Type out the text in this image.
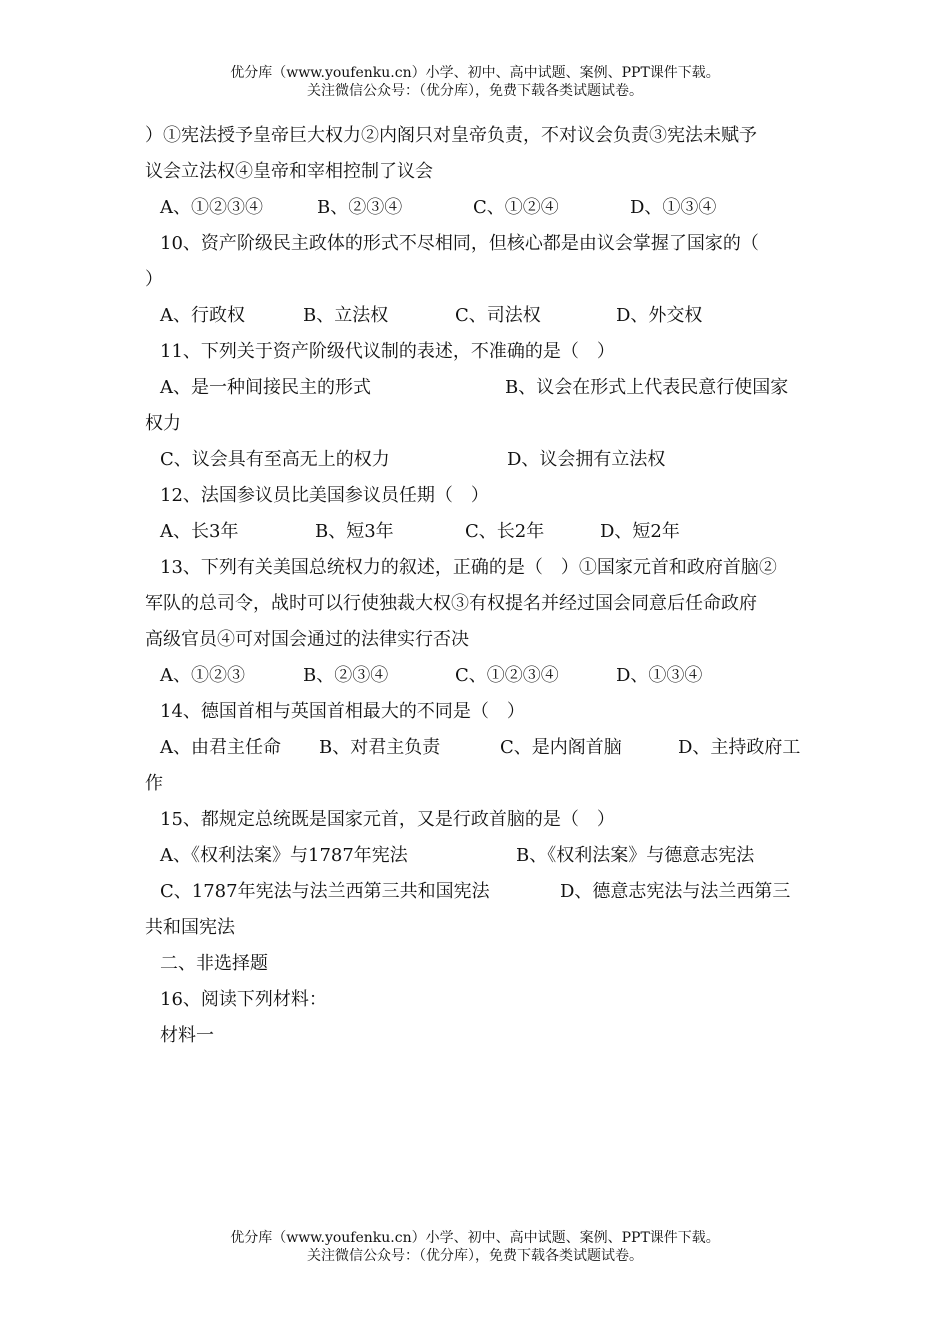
优分库（www.youfenku.cn）小学、初中、高中试题、案例、PPT课件下载。
关注微信公众号：（优分库），免费下载各类试题试卷。
）①宪法授予皇帝巨大权力②内阁只对皇帝负责，不对议会负责③宪法未赋予
议会立法权④皇帝和宰相控制了议会
A、①②③④	B、②③④	C、①②④	D、①③④
10、资产阶级民主政体的形式不尽相同，但核心都是由议会掌握了国家的（
）
A、行政权	B、立法权	C、司法权	D、外交权
11、下列关于资产阶级代议制的表述，不准确的是（　）
A、是一种间接民主的形式	B、议会在形式上代表民意行使国家
权力
C、议会具有至高无上的权力	D、议会拥有立法权
12、法国参议员比美国参议员任期（　）
A、长3年	B、短3年	C、长2年	D、短2年
13、下列有关美国总统权力的叙述，正确的是（　）①国家元首和政府首脑②
军队的总司令，战时可以行使独裁大权③有权提名并经过国会同意后任命政府
高级官员④可对国会通过的法律实行否决
A、①②③	B、②③④	C、①②③④	D、①③④
14、德国首相与英国首相最大的不同是（　）
A、由君主任命 B、对君主负责	C、是内阁首脑	D、主持政府工
作
15、都规定总统既是国家元首，又是行政首脑的是（　）
A、《权利法案》与1787年宪法	B、《权利法案》与德意志宪法
C、1787年宪法与法兰西第三共和国宪法	D、德意志宪法与法兰西第三
共和国宪法
二、非选择题
16、阅读下列材料：
材料一
优分库（www.youfenku.cn）小学、初中、高中试题、案例、PPT课件下载。
关注微信公众号：（优分库），免费下载各类试题试卷。
